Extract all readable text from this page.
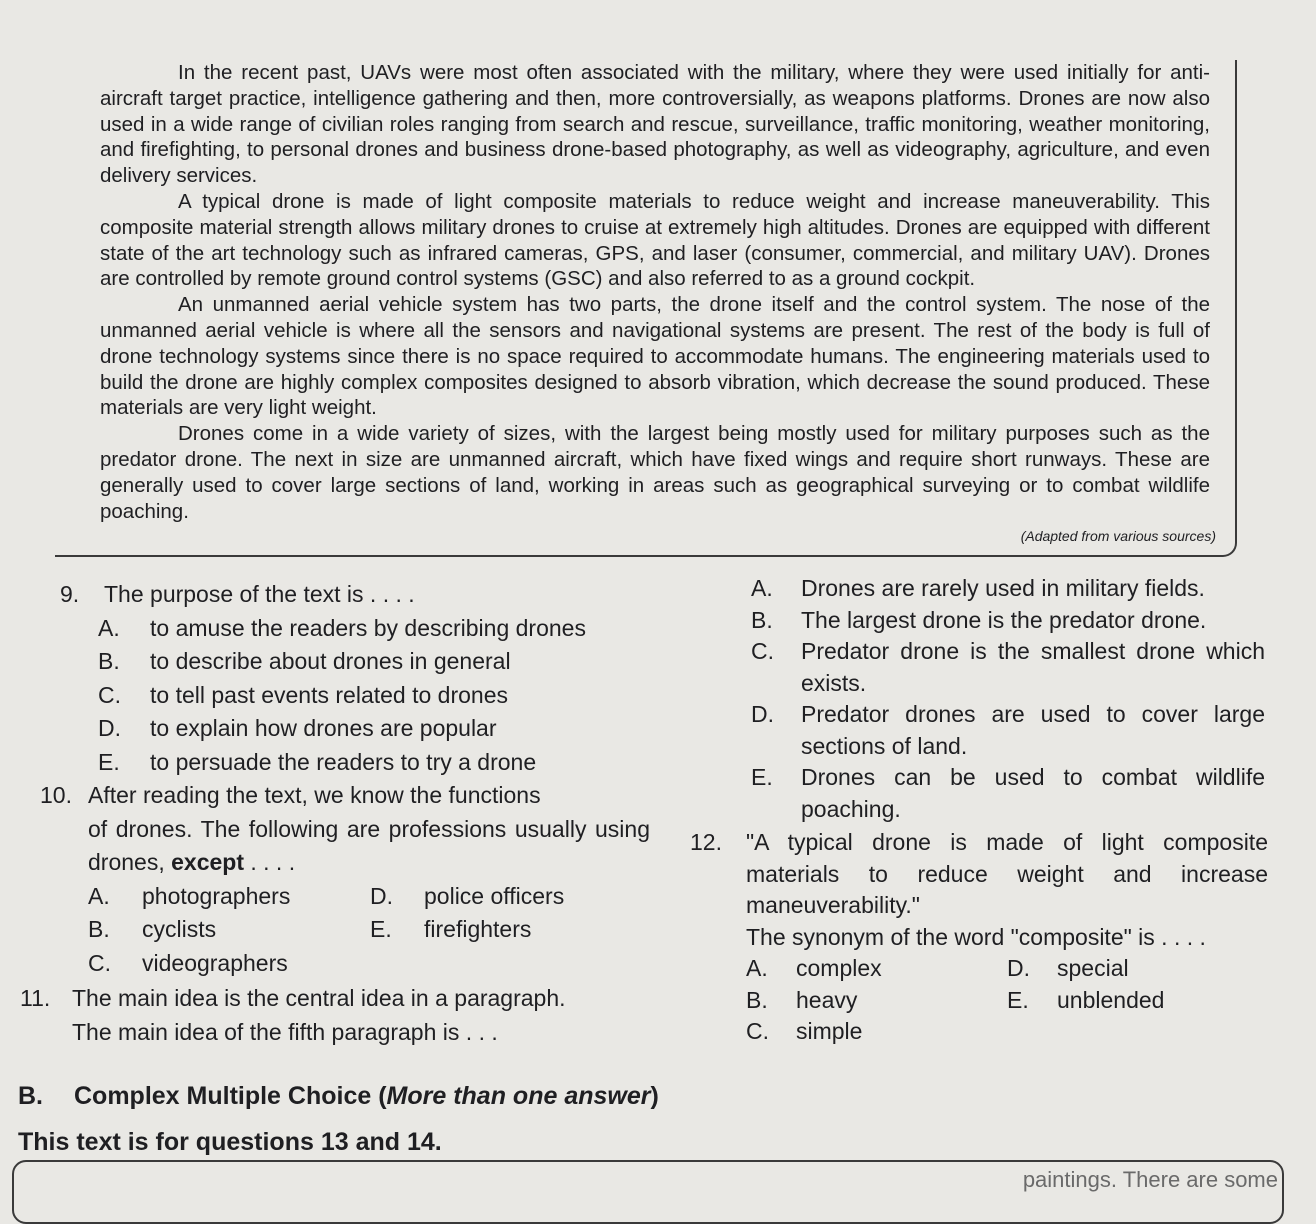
In the recent past, UAVs were most often associated with the military, where they were used initially for anti-aircraft target practice, intelligence gathering and then, more controversially, as weapons platforms. Drones are now also used in a wide range of civilian roles ranging from search and rescue, surveillance, traffic monitoring, weather monitoring, and firefighting, to personal drones and business drone-based photography, as well as videography, agriculture, and even delivery services.

A typical drone is made of light composite materials to reduce weight and increase maneuverability. This composite material strength allows military drones to cruise at extremely high altitudes. Drones are equipped with different state of the art technology such as infrared cameras, GPS, and laser (consumer, commercial, and military UAV). Drones are controlled by remote ground control systems (GSC) and also referred to as a ground cockpit.

An unmanned aerial vehicle system has two parts, the drone itself and the control system. The nose of the unmanned aerial vehicle is where all the sensors and navigational systems are present. The rest of the body is full of drone technology systems since there is no space required to accommodate humans. The engineering materials used to build the drone are highly complex composites designed to absorb vibration, which decrease the sound produced. These materials are very light weight.

Drones come in a wide variety of sizes, with the largest being mostly used for military purposes such as the predator drone. The next in size are unmanned aircraft, which have fixed wings and require short runways. These are generally used to cover large sections of land, working in areas such as geographical surveying or to combat wildlife poaching.

(Adapted from various sources)
9. The purpose of the text is . . . .
A. to amuse the readers by describing drones
B. to describe about drones in general
C. to tell past events related to drones
D. to explain how drones are popular
E. to persuade the readers to try a drone
10. After reading the text, we know the functions
of drones. The following are professions usually using drones, except . . . .
A. photographers	D. police officers
B. cyclists	E. firefighters
C. videographers
11. The main idea is the central idea in a paragraph.
The main idea of the fifth paragraph is . . .
A. Drones are rarely used in military fields.
B. The largest drone is the predator drone.
C. Predator drone is the smallest drone which exists.
D. Predator drones are used to cover large sections of land.
E. Drones can be used to combat wildlife poaching.
12.	"A typical drone is made of light composite materials to reduce weight and increase maneuverability."
The synonym of the word "composite" is . . . .
A. complex	D. special
B. heavy	E. unblended
C. simple
B. Complex Multiple Choice (More than one answer)
This text is for questions 13 and 14.
paintings. There are some
